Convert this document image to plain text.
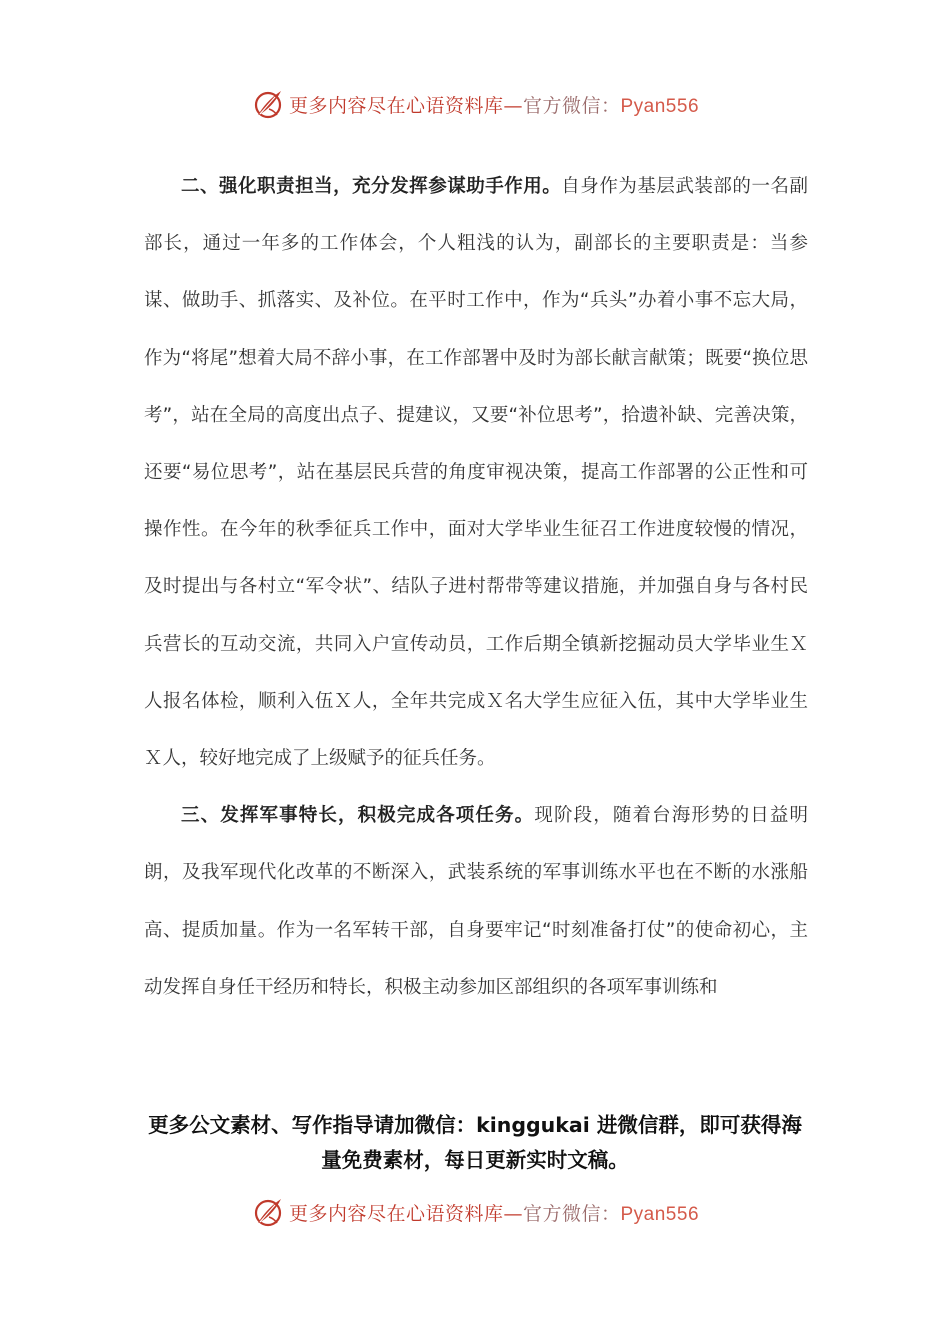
更多内容尽在心语资料库—官方微信：Pyan556

二、强化职责担当，充分发挥参谋助手作用。自身作为基层武装部的一名副部长，通过一年多的工作体会，个人粗浅的认为，副部长的主要职责是：当参谋、做助手、抓落实、及补位。在平时工作中，作为“兵头”办着小事不忘大局，作为“将尾”想着大局不辞小事，在工作部署中及时为部长献言献策；既要“换位思考”，站在全局的高度出点子、提建议，又要“补位思考”，拾遗补缺、完善决策，还要“易位思考”，站在基层民兵营的角度审视决策，提高工作部署的公正性和可操作性。在今年的秋季征兵工作中，面对大学毕业生征召工作进度较慢的情况，及时提出与各村立“军令状”、结队子进村帮带等建议措施，并加强自身与各村民兵营长的互动交流，共同入户宣传动员，工作后期全镇新挖掘动员大学毕业生Ｘ人报名体检，顺利入伍Ｘ人，全年共完成Ｘ名大学生应征入伍，其中大学毕业生Ｘ人，较好地完成了上级赋予的征兵任务。

三、发挥军事特长，积极完成各项任务。现阶段，随着台海形势的日益明朗，及我军现代化改革的不断深入，武装系统的军事训练水平也在不断的水涨船高、提质加量。作为一名军转干部，自身要牢记“时刻准备打仗”的使命初心，主动发挥自身任干经历和特长，积极主动参加区部组织的各项军事训练和

更多公文素材、写作指导请加微信：kinggukai 进微信群，即可获得海量免费素材，每日更新实时文稿。
更多内容尽在心语资料库—官方微信：Pyan556
